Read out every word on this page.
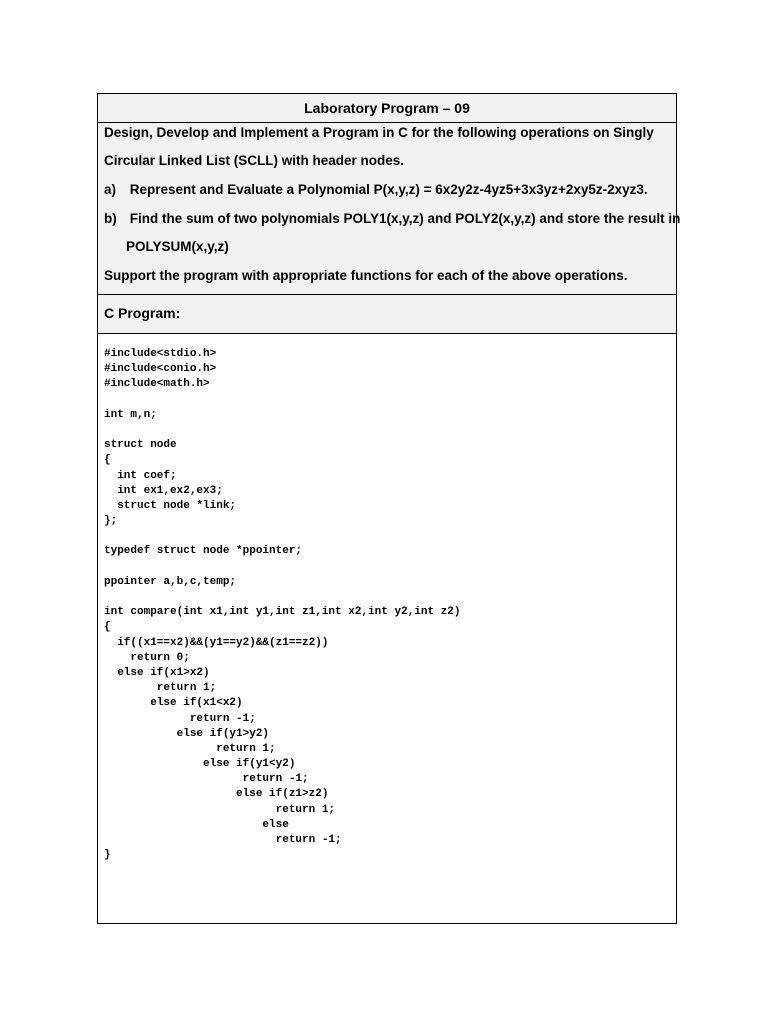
Laboratory Program – 09
Design, Develop and Implement a Program in C for the following operations on Singly
Circular Linked List (SCLL) with header nodes.
a) Represent and Evaluate a Polynomial P(x,y,z) = 6x2y2z-4yz5+3x3yz+2xy5z-2xyz3.
b) Find the sum of two polynomials POLY1(x,y,z) and POLY2(x,y,z) and store the result in
POLYSUM(x,y,z)
Support the program with appropriate functions for each of the above operations.
C Program:
#include<stdio.h>
#include<conio.h>
#include<math.h>
int m,n;
struct node
{
int coef;
int ex1,ex2,ex3;
struct node *link;
};
typedef struct node *ppointer;
ppointer a,b,c,temp;
int compare(int x1,int y1,int z1,int x2,int y2,int z2)
{
if((x1==x2)&&(y1==y2)&&(z1==z2))
return 0;
else if(x1>x2)
return 1;
else if(x1<x2)
return -1;
else if(y1>y2)
return 1;
else if(y1<y2)
return -1;
else if(z1>z2)
return 1;
else
return -1;
}
